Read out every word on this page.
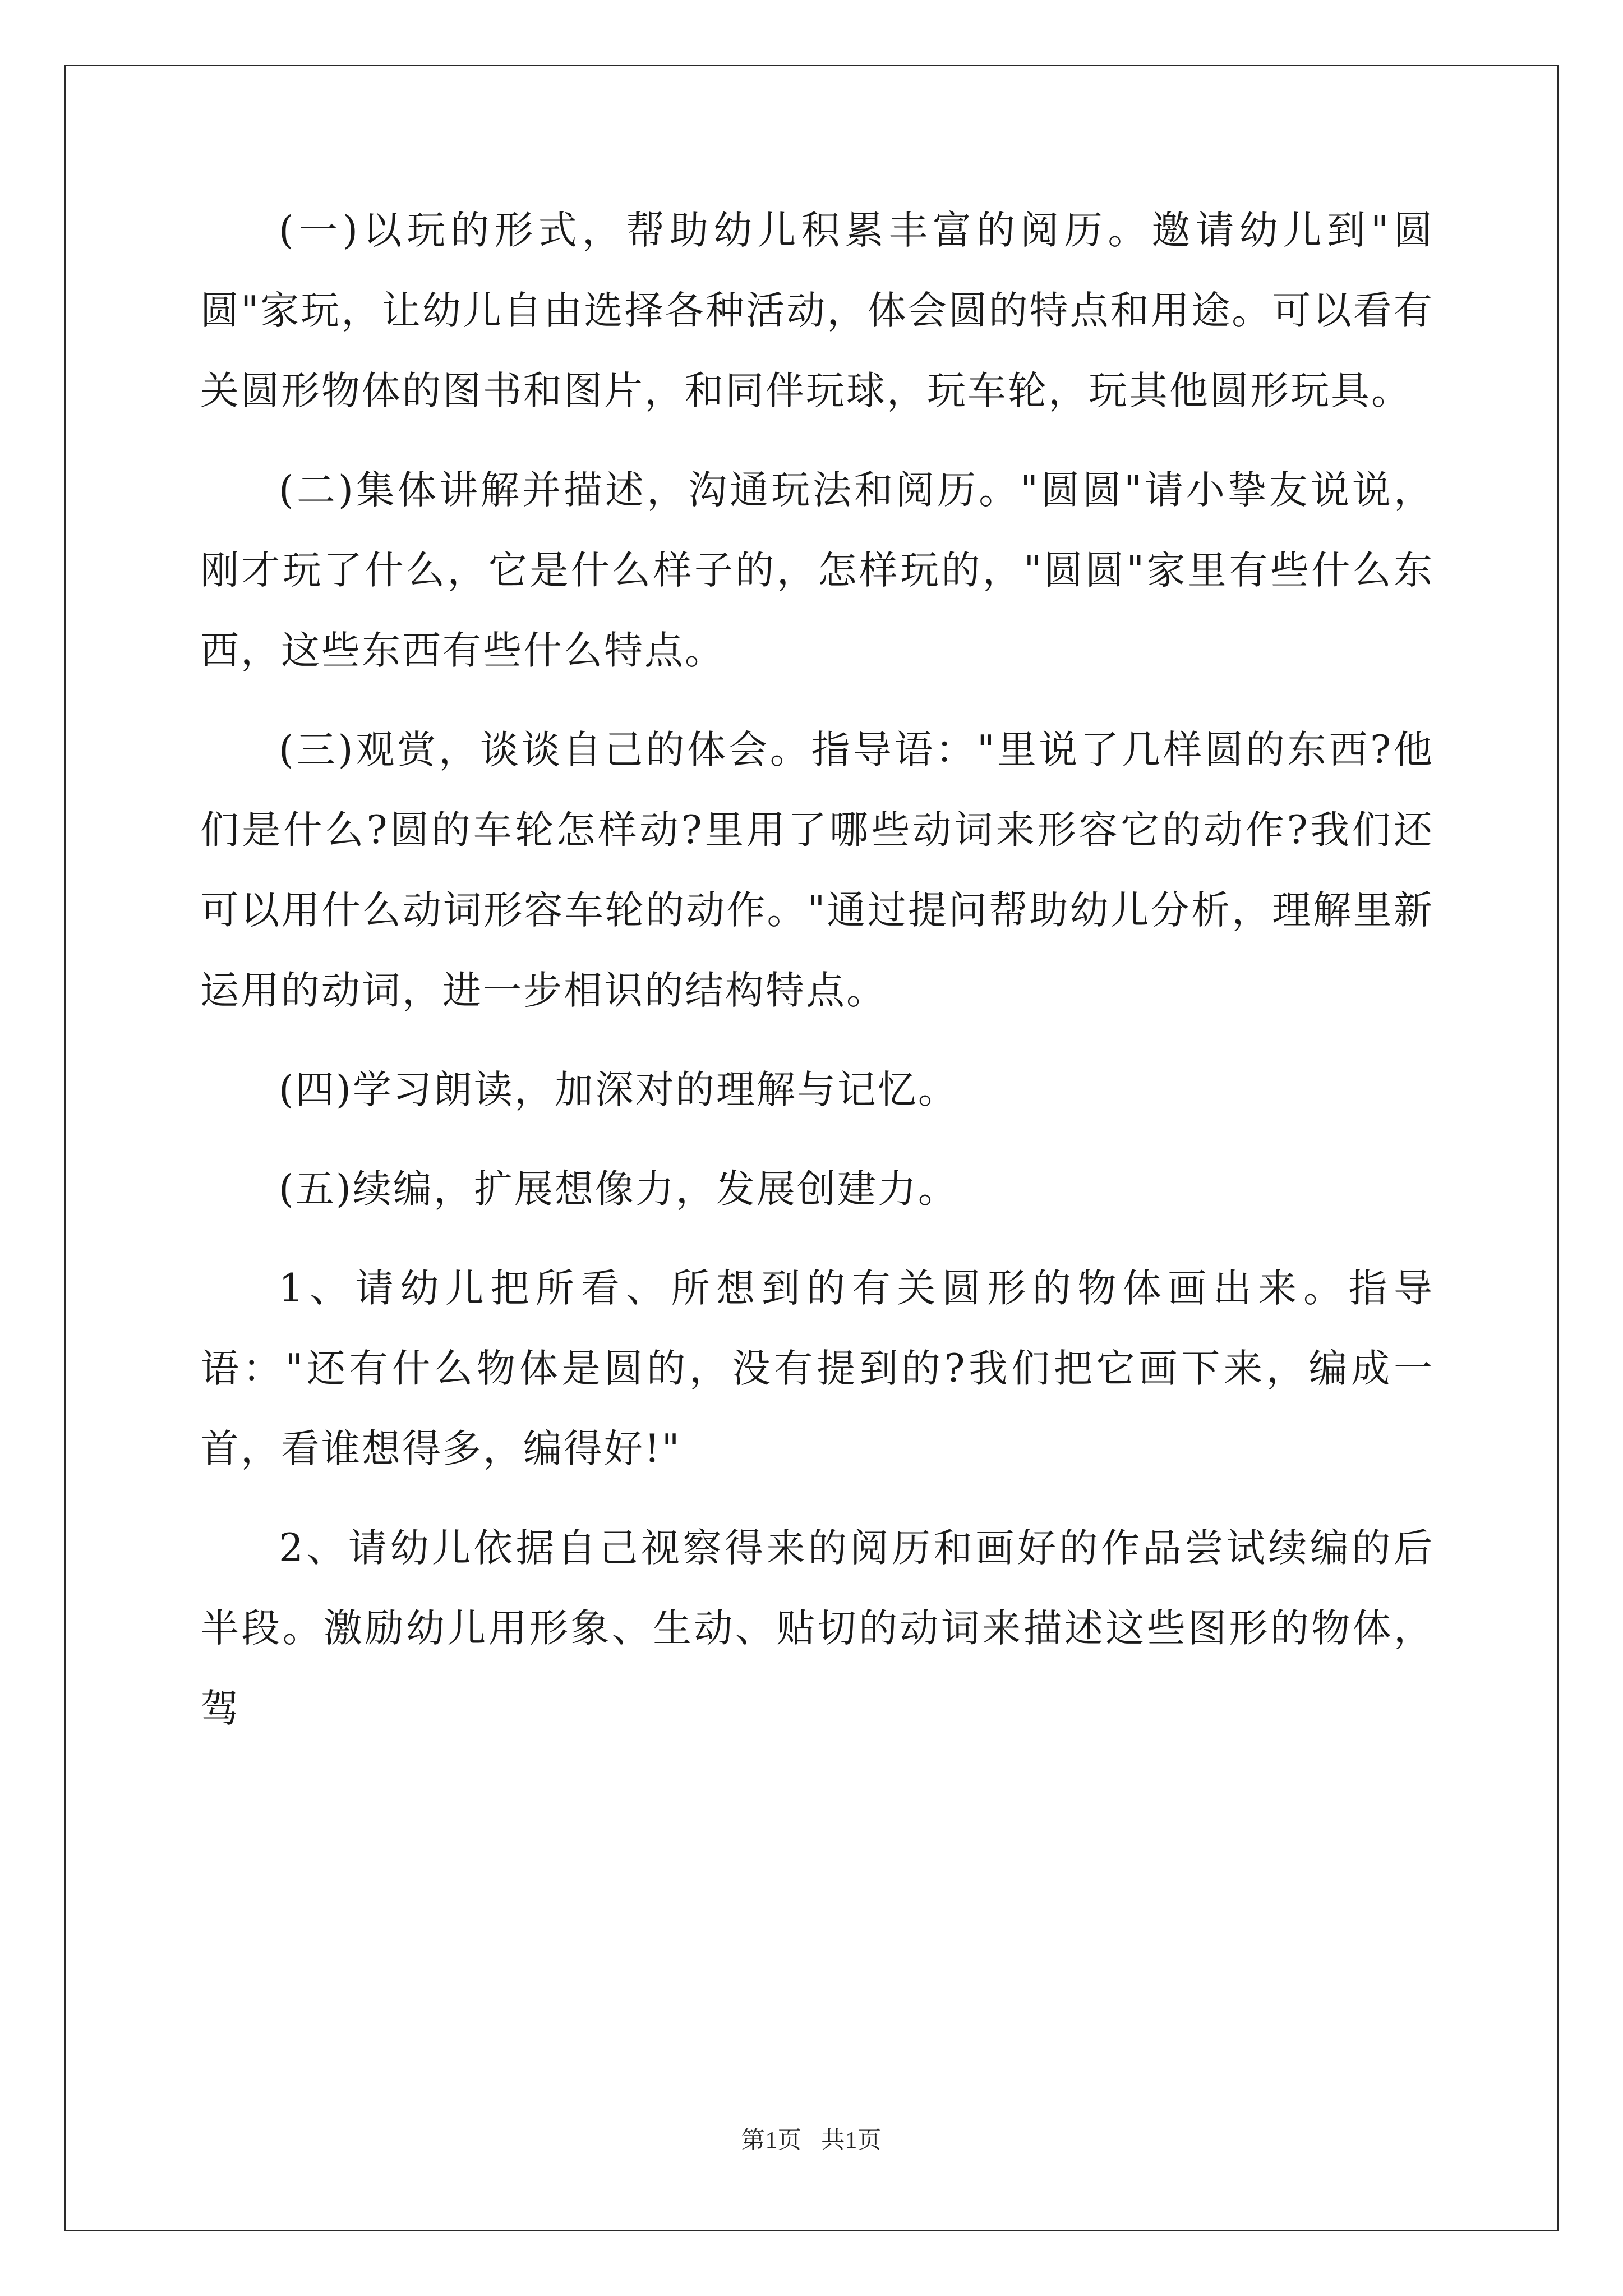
(一)以玩的形式，帮助幼儿积累丰富的阅历。邀请幼儿到"圆圆"家玩，让幼儿自由选择各种活动，体会圆的特点和用途。可以看有关圆形物体的图书和图片，和同伴玩球，玩车轮，玩其他圆形玩具。

(二)集体讲解并描述，沟通玩法和阅历。"圆圆"请小挚友说说，刚才玩了什么，它是什么样子的，怎样玩的，"圆圆"家里有些什么东西，这些东西有些什么特点。

(三)观赏，谈谈自己的体会。指导语："里说了几样圆的东西?他们是什么?圆的车轮怎样动?里用了哪些动词来形容它的动作?我们还可以用什么动词形容车轮的动作。"通过提问帮助幼儿分析，理解里新运用的动词，进一步相识的结构特点。

(四)学习朗读，加深对的理解与记忆。

(五)续编，扩展想像力，发展创建力。

1、请幼儿把所看、所想到的有关圆形的物体画出来。指导语："还有什么物体是圆的，没有提到的?我们把它画下来，编成一首，看谁想得多，编得好!"

2、请幼儿依据自己视察得来的阅历和画好的作品尝试续编的后半段。激励幼儿用形象、生动、贴切的动词来描述这些图形的物体，驾

第1页 共1页
